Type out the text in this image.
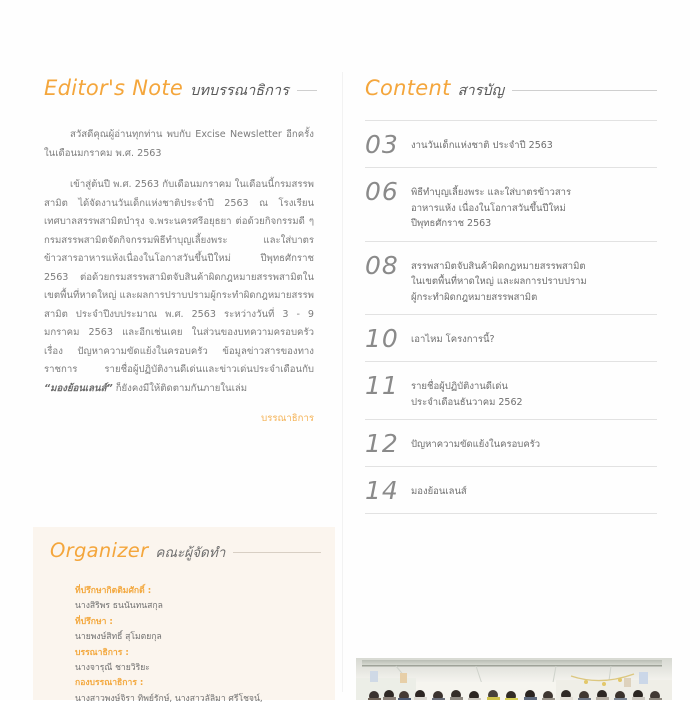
Editor's Note บทบรรณาธิการ

สวัสดีคุณผู้อ่านทุกท่าน พบกับ Excise Newsletter อีกครั้งในเดือนมกราคม พ.ศ. 2563

เข้าสู่ต้นปี พ.ศ. 2563 กับเดือนมกราคม ในเดือนนี้กรมสรรพสามิต ได้จัดงานวันเด็กแห่งชาติประจำปี 2563 ณ โรงเรียนเทศบาลสรรพสามิตบำรุง จ.พระนครศรีอยุธยา ต่อด้วยกิจกรรมดี ๆ กรมสรรพสามิตจัดกิจกรรมพิธีทำบุญเลี้ยงพระ และใส่บาตรข้าวสารอาหารแห้งเนื่องในโอกาสวันขึ้นปีใหม่ ปีพุทธศักราช 2563 ต่อด้วยกรมสรรพสามิตจับสินค้าผิดกฎหมายสรรพสามิตในเขตพื้นที่หาดใหญ่ และผลการปราบปรามผู้กระทำผิดกฎหมายสรรพสามิต ประจำปีงบประมาณ พ.ศ. 2563 ระหว่างวันที่ 3 - 9 มกราคม 2563 และอีกเช่นเคย ในส่วนของบทความครอบครัว เรื่อง ปัญหาความขัดแย้งในครอบครัว ข้อมูลข่าวสารของทางราชการ รายชื่อผู้ปฏิบัติงานดีเด่นและข่าวเด่นประจำเดือนกับ “มองย้อนเลนส์” ก็ยังคงมีให้ติดตามกันภายในเล่ม

บรรณาธิการ
Organizer คณะผู้จัดทำ
ที่ปรึกษากิตติมศักดิ์ :
นางสิริพร ธนนันทนสกุล
ที่ปรึกษา :
นายพงษ์สิทธิ์ สุโมตยกุล
บรรณาธิการ :
นางจารุณี ชายวิริยะ
กองบรรณาธิการ :
นางสาวพงษ์จิรา ทิพย์รักษ์, นางสาวลัลิมา ศรีโชจน์,
Content สารบัญ
03	งานวันเด็กแห่งชาติ ประจำปี 2563
06	พิธีทำบุญเลี้ยงพระ และใส่บาตรข้าวสาร
อาหารแห้ง เนื่องในโอกาสวันขึ้นปีใหม่
ปีพุทธศักราช 2563
08	สรรพสามิตจับสินค้าผิดกฎหมายสรรพสามิต
ในเขตพื้นที่หาดใหญ่ และผลการปราบปราม
ผู้กระทำผิดกฎหมายสรรพสามิต
10	เอาไหม โครงการนี้?
11	รายชื่อผู้ปฏิบัติงานดีเด่น
ประจำเดือนธันวาคม 2562
12	ปัญหาความขัดแย้งในครอบครัว
14	มองย้อนเลนส์
